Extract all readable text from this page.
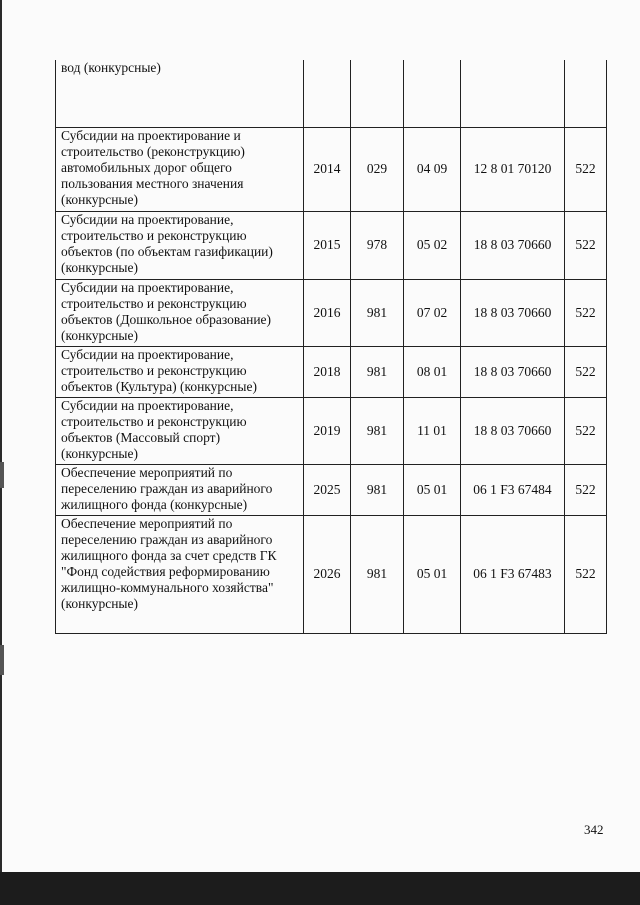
вод (конкурсные)					
Субсидии на проектирование и строительство (реконструкцию) автомобильных дорог общего пользования местного значения (конкурсные)	2014	029	04 09	12 8 01 70120	522
Субсидии на проектирование, строительство и реконструкцию объектов (по объектам газификации) (конкурсные)	2015	978	05 02	18 8 03 70660	522
Субсидии на проектирование, строительство и реконструкцию объектов (Дошкольное образование) (конкурсные)	2016	981	07 02	18 8 03 70660	522
Субсидии на проектирование, строительство и реконструкцию объектов (Культура) (конкурсные)	2018	981	08 01	18 8 03 70660	522
Субсидии на проектирование, строительство и реконструкцию объектов (Массовый спорт) (конкурсные)	2019	981	11 01	18 8 03 70660	522
Обеспечение мероприятий по переселению граждан из аварийного жилищного фонда (конкурсные)	2025	981	05 01	06 1 F3 67484	522
Обеспечение мероприятий по переселению граждан из аварийного жилищного фонда за счет средств ГК "Фонд содействия реформированию жилищно-коммунального хозяйства" (конкурсные)	2026	981	05 01	06 1 F3 67483	522
342
